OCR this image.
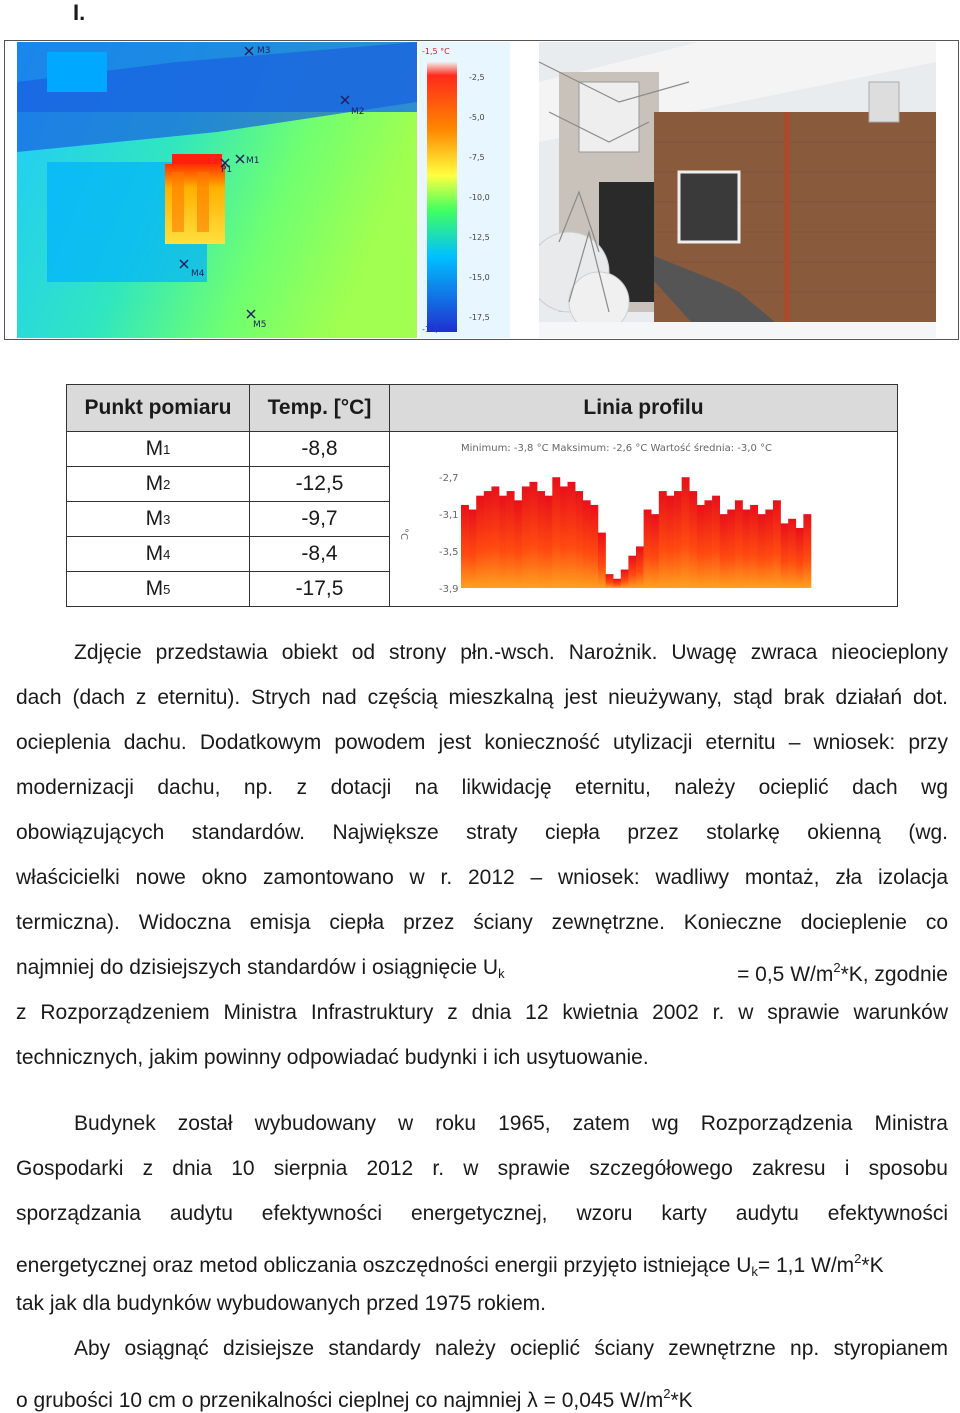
I.
-1,5 °C
-17,5 °C
-2,5
-5,0
-7,5
-10,0
-12,5
-15,0
-17,5
M1
M2
M3
M4
M5
P1
Punkt pomiaru	Temp. [°C]	Linia profilu
M 1	-8,8
M 2	-12,5
M 3	-9,7
M 4	-8,4
M 5	-17,5
Minimum: -3,8 °C Maksimum: -2,6 °C Wartość średnia: -3,0 °C
°C
-2,7
-3,1
-3,5
-3,9
Zdjęcie przedstawia obiekt od strony płn.-wsch. Narożnik. Uwagę zwraca nieocieplony
dach (dach z eternitu). Strych nad częścią mieszkalną jest nieużywany, stąd brak działań dot.
ocieplenia dachu. Dodatkowym powodem jest konieczność utylizacji eternitu – wniosek: przy
modernizacji dachu, np. z dotacji na likwidację eternitu, należy ocieplić dach wg
obowiązujących standardów. Największe straty ciepła przez stolarkę okienną (wg.
właścicielki nowe okno zamontowano w r. 2012 – wniosek: wadliwy montaż, zła izolacja
termiczna). Widoczna emisja ciepła przez ściany zewnętrzne. Konieczne docieplenie co
najmniej do dzisiejszych standardów i osiągnięcie $U_k$	= 0,5 $W/m^2*K$, zgodnie
z Rozporządzeniem Ministra Infrastruktury z dnia 12 kwietnia 2002 r. w sprawie warunków
technicznych, jakim powinny odpowiadać budynki i ich usytuowanie.
Budynek został wybudowany w roku 1965, zatem wg Rozporządzenia Ministra
Gospodarki z dnia 10 sierpnia 2012 r. w sprawie szczegółowego zakresu i sposobu
sporządzania audytu efektywności energetycznej, wzoru karty audytu efektywności
energetycznej oraz metod obliczania oszczędności energii przyjęto istniejące $U_k= 1,1$ $W/m^2*K$
tak jak dla budynków wybudowanych przed 1975 rokiem.
Aby osiągnąć dzisiejsze standardy należy ocieplić ściany zewnętrzne np. styropianem
o grubości 10 cm o przenikalności cieplnej co najmniej λ = 0,045 $W/m^2*K$
